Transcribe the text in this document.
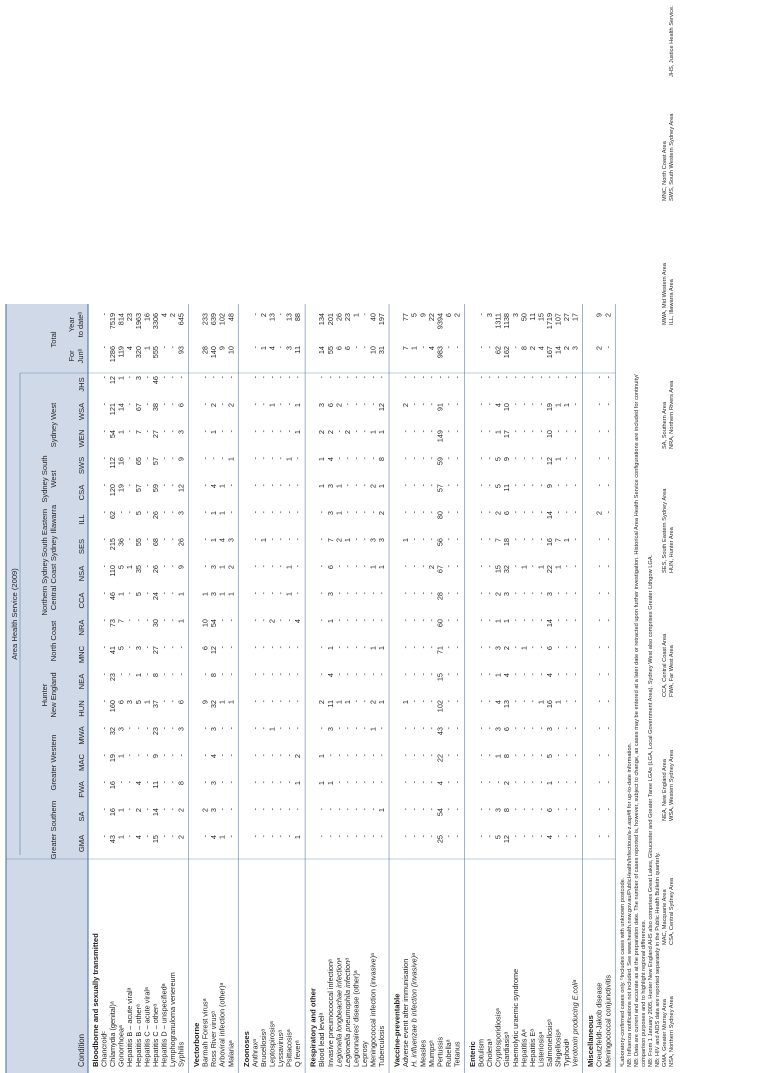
Area Health Service (2009)
Greater Southern
Greater Western
Hunter New England
North Coast
Northern Sydney Central Coast
South Eastern Sydney Illawarra
Sydney South West
Sydney West
Total
GMA
SA
FWA
MAC
MWA
HUN
NEA
MNC
NRA
CCA
NSA
SES
ILL
CSA
SWS
WEN
WSA
JHS
For Junᵇ
Year to dateᵇ
Condition Bloodborne and sexually transmitted Chancroidᶜ
-
-
-
-
-
-
-
-
-
-
-
-
-
-
-
-
-
-
-
-
Chlamydia (genital)ᵃ
43
16
16
19
32
160
23
41
73
46
110
215
62
120
112
54
121
12
1286
7519
Gonorrhoeaᵃ
1
1
-
1
3
6
-
5
7
1
5
36
-
19
16
1
14
1
119
814
Hepatitis B – acute viralᵃ
-
-
-
-
-
3
-
-
-
-
1
-
-
-
-
-
-
-
4
23
Hepatitis B – otherᵃ
4
2
4
-
-
5
1
3
-
5
35
55
5
57
65
7
67
3
320
1963
Hepatitis C – acute viralᵃ
-
-
-
-
-
1
-
-
-
-
-
-
-
-
-
-
-
-
1
16
Hepatitis C – otherᵃ
15
14
11
9
23
37
8
27
30
24
26
68
26
59
57
27
38
46
555
3306
Hepatitis D – unspecifiedᵃ
-
-
-
-
-
-
-
-
-
-
-
-
-
-
-
-
-
-
-
4
Lymphogranuloma venereum
-
-
-
-
-
-
-
-
-
-
-
-
-
-
-
-
-
-
-
2
Syphilis
2
2
8
-
3
6
-
-
1
1
9
26
3
12
9
3
6
-
93
645
Vectorborne Barmah Forest virusᵃ
-
2
-
-
-
9
-
6
10
1
-
-
-
-
-
-
-
-
28
233
Ross River virusᵃ
4
3
3
4
3
32
8
12
54
3
3
1
1
4
-
1
2
-
140
639
Arboviral infection (other)ᵃ
1
-
-
-
-
1
-
-
-
1
1
4
1
1
-
-
-
-
9
102
Malariaᵃ
-
-
-
-
-
1
-
-
-
1
2
3
-
-
1
-
2
-
10
48
Zoonoses Anthraxᵃ
-
-
-
-
-
-
-
-
-
-
-
-
-
-
-
-
-
-
-
-
Brucellosisᵃ
-
-
-
-
-
-
-
-
-
-
-
1
-
-
-
-
-
-
1
2
Leptospirosisᵃ
-
-
-
-
1
-
-
-
2
-
-
-
-
-
-
-
1
-
4
13
Lyssavirusᵃ
-
-
-
-
-
-
-
-
-
-
-
-
-
-
-
-
-
-
-
-
Psittacosisᵃ
-
-
-
-
-
-
-
-
-
1
1
-
-
-
1
-
-
-
3
13
Q feverᵃ
1
-
1
2
-
-
-
-
4
-
-
-
-
-
-
1
1
-
11
88
Respiratory and other Blood lead levelᵃ
-
-
1
1
-
2
-
-
-
-
-
-
-
1
1
2
3
-
14
134
Invasive pneumococcal infectionᵃ
-
-
1
-
3
11
4
1
1
3
6
7
3
3
4
2
6
-
55
201
Legionella longbeachae infectionᵃ
-
-
-
-
-
1
-
-
-
-
-
2
1
1
-
-
2
-
6
26
Legionella pneumophila infectionᵃ
-
-
-
-
-
1
-
-
-
-
-
1
-
-
-
2
-
-
6
23
Legionnaires’ disease (other)ᵃ
-
-
-
-
-
-
-
-
-
-
-
-
-
-
-
-
-
-
-
1
Leprosy
-
-
-
-
-
-
-
-
-
-
-
-
-
-
-
-
-
-
-
-
Meningococcal infection (invasive)ᵃ
-
-
-
-
1
2
-
1
-
-
1
3
-
2
-
1
-
-
10
40
Tuberculosis
-
1
-
-
-
1
-
1
-
-
1
3
2
1
8
1
12
-
31
197
Vaccine-preventable Adverse event after immunisation
-
-
-
-
-
1
-
-
-
-
-
1
-
-
-
-
2
-
7
77
H. influenzae b infection (invasive)ᵃ
-
-
-
-
-
-
-
-
-
-
-
-
-
-
-
-
-
-
1
5
Measles
-
-
-
-
-
-
-
-
-
-
-
-
-
-
-
-
-
-
-
9
Mumpsᵃ
-
-
-
-
-
-
-
-
-
-
2
-
-
-
-
-
-
-
4
22
Pertussis
25
54
4
22
43
102
15
71
60
28
67
56
80
57
59
149
91
-
983
9394
Rubellaᵃ
-
-
-
-
-
-
-
-
-
-
-
-
-
-
-
-
-
-
-
6
Tetanus
-
-
-
-
-
-
-
-
-
-
-
-
-
-
-
-
-
-
-
2
Enteric Botulism
-
-
-
-
-
-
-
-
-
-
-
-
-
-
-
-
-
-
-
-
Choleraᵃ
-
-
-
-
-
-
-
-
-
-
-
-
-
-
-
-
-
-
-
3
Cryptosporidiosisᵃ
5
3
-
1
3
4
1
3
1
2
15
7
2
5
5
1
4
-
62
1311
Giardiasisᵃ
12
8
2
8
6
13
4
2
1
3
32
18
6
11
9
17
10
-
162
1138
Haemolytic uraemic syndrome
-
-
-
-
-
-
-
-
-
-
-
-
-
-
-
-
-
-
-
3
Hepatitis Aᵃ
-
-
-
-
-
-
-
1
-
-
1
-
-
-
-
-
-
-
8
50
Hepatitis Eᵃ
-
-
-
-
-
-
-
-
-
-
-
-
-
-
-
-
-
-
2
11
Listeriosisᵃ
-
-
-
-
-
1
-
-
-
-
1
-
-
-
-
-
-
-
4
15
Salmonellosisᵃ
4
6
1
5
3
16
4
6
14
3
22
16
14
9
12
10
19
-
167
1719
Shigellosisᵃ
-
-
-
-
-
1
-
-
-
-
1
7
-
-
1
-
1
-
14
107
Typhoidᵃ
-
-
-
-
-
-
-
-
-
-
-
1
-
-
-
-
1
-
2
27
Verotoxin producing E.coliᵃ
-
-
-
-
-
-
-
-
-
-
-
-
-
-
-
-
-
-
3
17
Miscellaneous Creutzfeldt-Jakob disease
-
-
-
-
-
-
-
-
-
-
-
-
2
-
-
-
-
-
2
9
Meningococcal conjunctivitis
-
-
-
-
-
-
-
-
-
-
-
-
-
-
-
-
-
-
-
2
ᵃLaboratory-confirmed cases only. ᵇIncludes cases with unknown postcode. NB: Influenza notifications not included. See www.health.nsw.gov.au/PublicHealth/Infectious/a-z.asp#fl for up-to-date information. NB: Data are current and accurate as at the preparation date. The number of cases reported is, however, subject to change, as cases may be entered at a later date or retracted upon further investigation. Historical Area Health Service configurations are included for continuity/ comparison purposes and to highlight regional differences. NB: From 1 January 2005, Hunter New England AHS also comprises Great Lakes, Gloucester and Greater Taree LGAs (LGA, Local Government Area). Sydney West also comprises Greater Lithgow LGA. NB: HIV and AIDS data are reported separately in the Public Health Bulletin quarterly. GMA, Greater Murray Area NSA, Northern Sydney Area
MAC, Macquarie Area CSA, Central Sydney Area
NEA, New England Area WSA, Western Sydney Area
CCA, Central Coast Area FWA, Far West Area
SES, South Eastern Sydney Area HUN, Hunter Area
SA, Southern Area NRA, Northern Rivers Area
MWA, Mid Western Area ILL, Illawarra Area
MNC, North Coast Area SWS, South Western Sydney Area
JHS, Justice Health Service.
